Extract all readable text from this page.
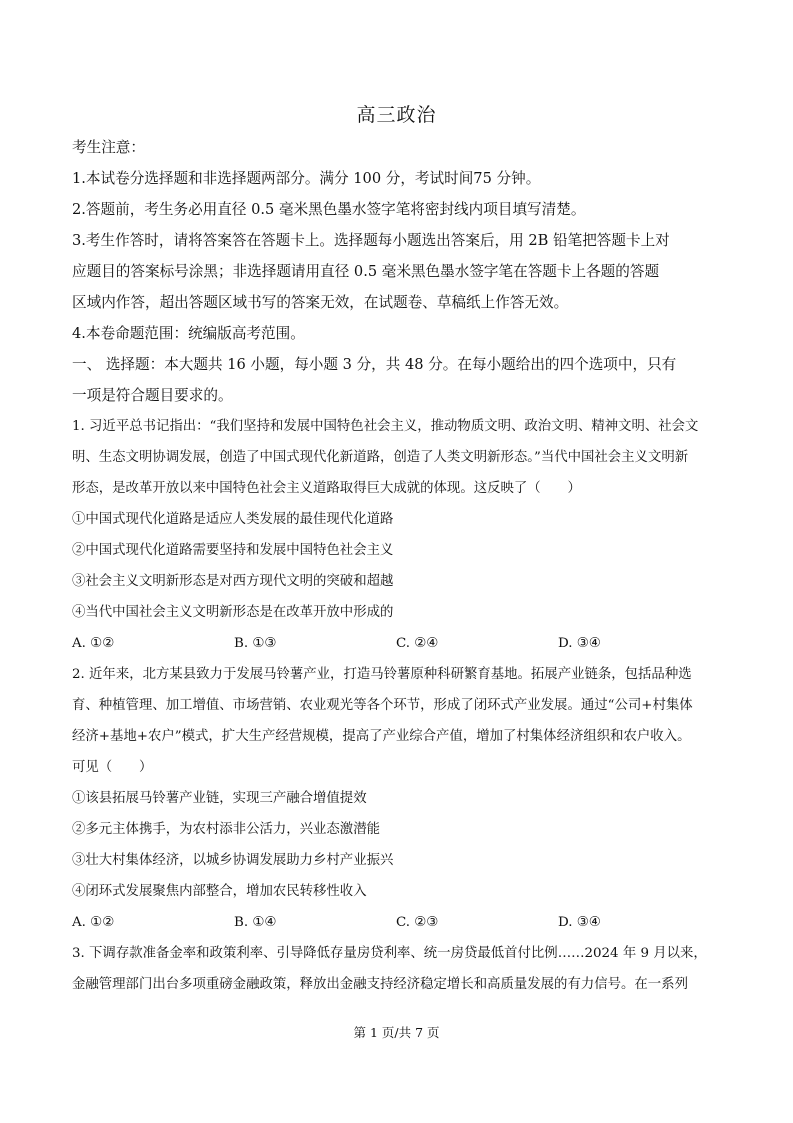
高三政治

考生注意：

1.本试卷分选择题和非选择题两部分。满分 100 分，考试时间75 分钟。

2.答题前，考生务必用直径 0.5 毫米黑色墨水签字笔将密封线内项目填写清楚。

3.考生作答时，请将答案答在答题卡上。选择题每小题选出答案后，用 2B 铅笔把答题卡上对

应题目的答案标号涂黑；非选择题请用直径 0.5 毫米黑色墨水签字笔在答题卡上各题的答题

区域内作答，超出答题区域书写的答案无效，在试题卷、草稿纸上作答无效。

4.本卷命题范围：统编版高考范围。

一、 选择题：本大题共 16 小题，每小题 3 分，共 48 分。在每小题给出的四个选项中，只有

一项是符合题目要求的。

1. 习近平总书记指出：“我们坚持和发展中国特色社会主义，推动物质文明、政治文明、精神文明、社会文

明、生态文明协调发展，创造了中国式现代化新道路，创造了人类文明新形态。”当代中国社会主义文明新

形态，是改革开放以来中国特色社会主义道路取得巨大成就的体现。这反映了（　　）

①中国式现代化道路是适应人类发展的最佳现代化道路

②中国式现代化道路需要坚持和发展中国特色社会主义

③社会主义文明新形态是对西方现代文明的突破和超越

④当代中国社会主义文明新形态是在改革开放中形成的

A. ①②	B. ①③	C. ②④	D. ③④

2. 近年来，北方某县致力于发展马铃薯产业，打造马铃薯原种科研繁育基地。拓展产业链条，包括品种选

育、种植管理、加工增值、市场营销、农业观光等各个环节，形成了闭环式产业发展。通过“公司+村集体

经济+基地+农户”模式，扩大生产经营规模，提高了产业综合产值，增加了村集体经济组织和农户收入。

可见（　　）

①该县拓展马铃薯产业链，实现三产融合增值提效

②多元主体携手，为农村添非公活力，兴业态激潜能

③壮大村集体经济，以城乡协调发展助力乡村产业振兴

④闭环式发展聚焦内部整合，增加农民转移性收入

A. ①②	B. ①④	C. ②③	D. ③④

3. 下调存款准备金率和政策利率、引导降低存量房贷利率、统一房贷最低首付比例……2024 年 9 月以来，

金融管理部门出台多项重磅金融政策，释放出金融支持经济稳定增长和高质量发展的有力信号。在一系列

第 1 页/共 7 页
